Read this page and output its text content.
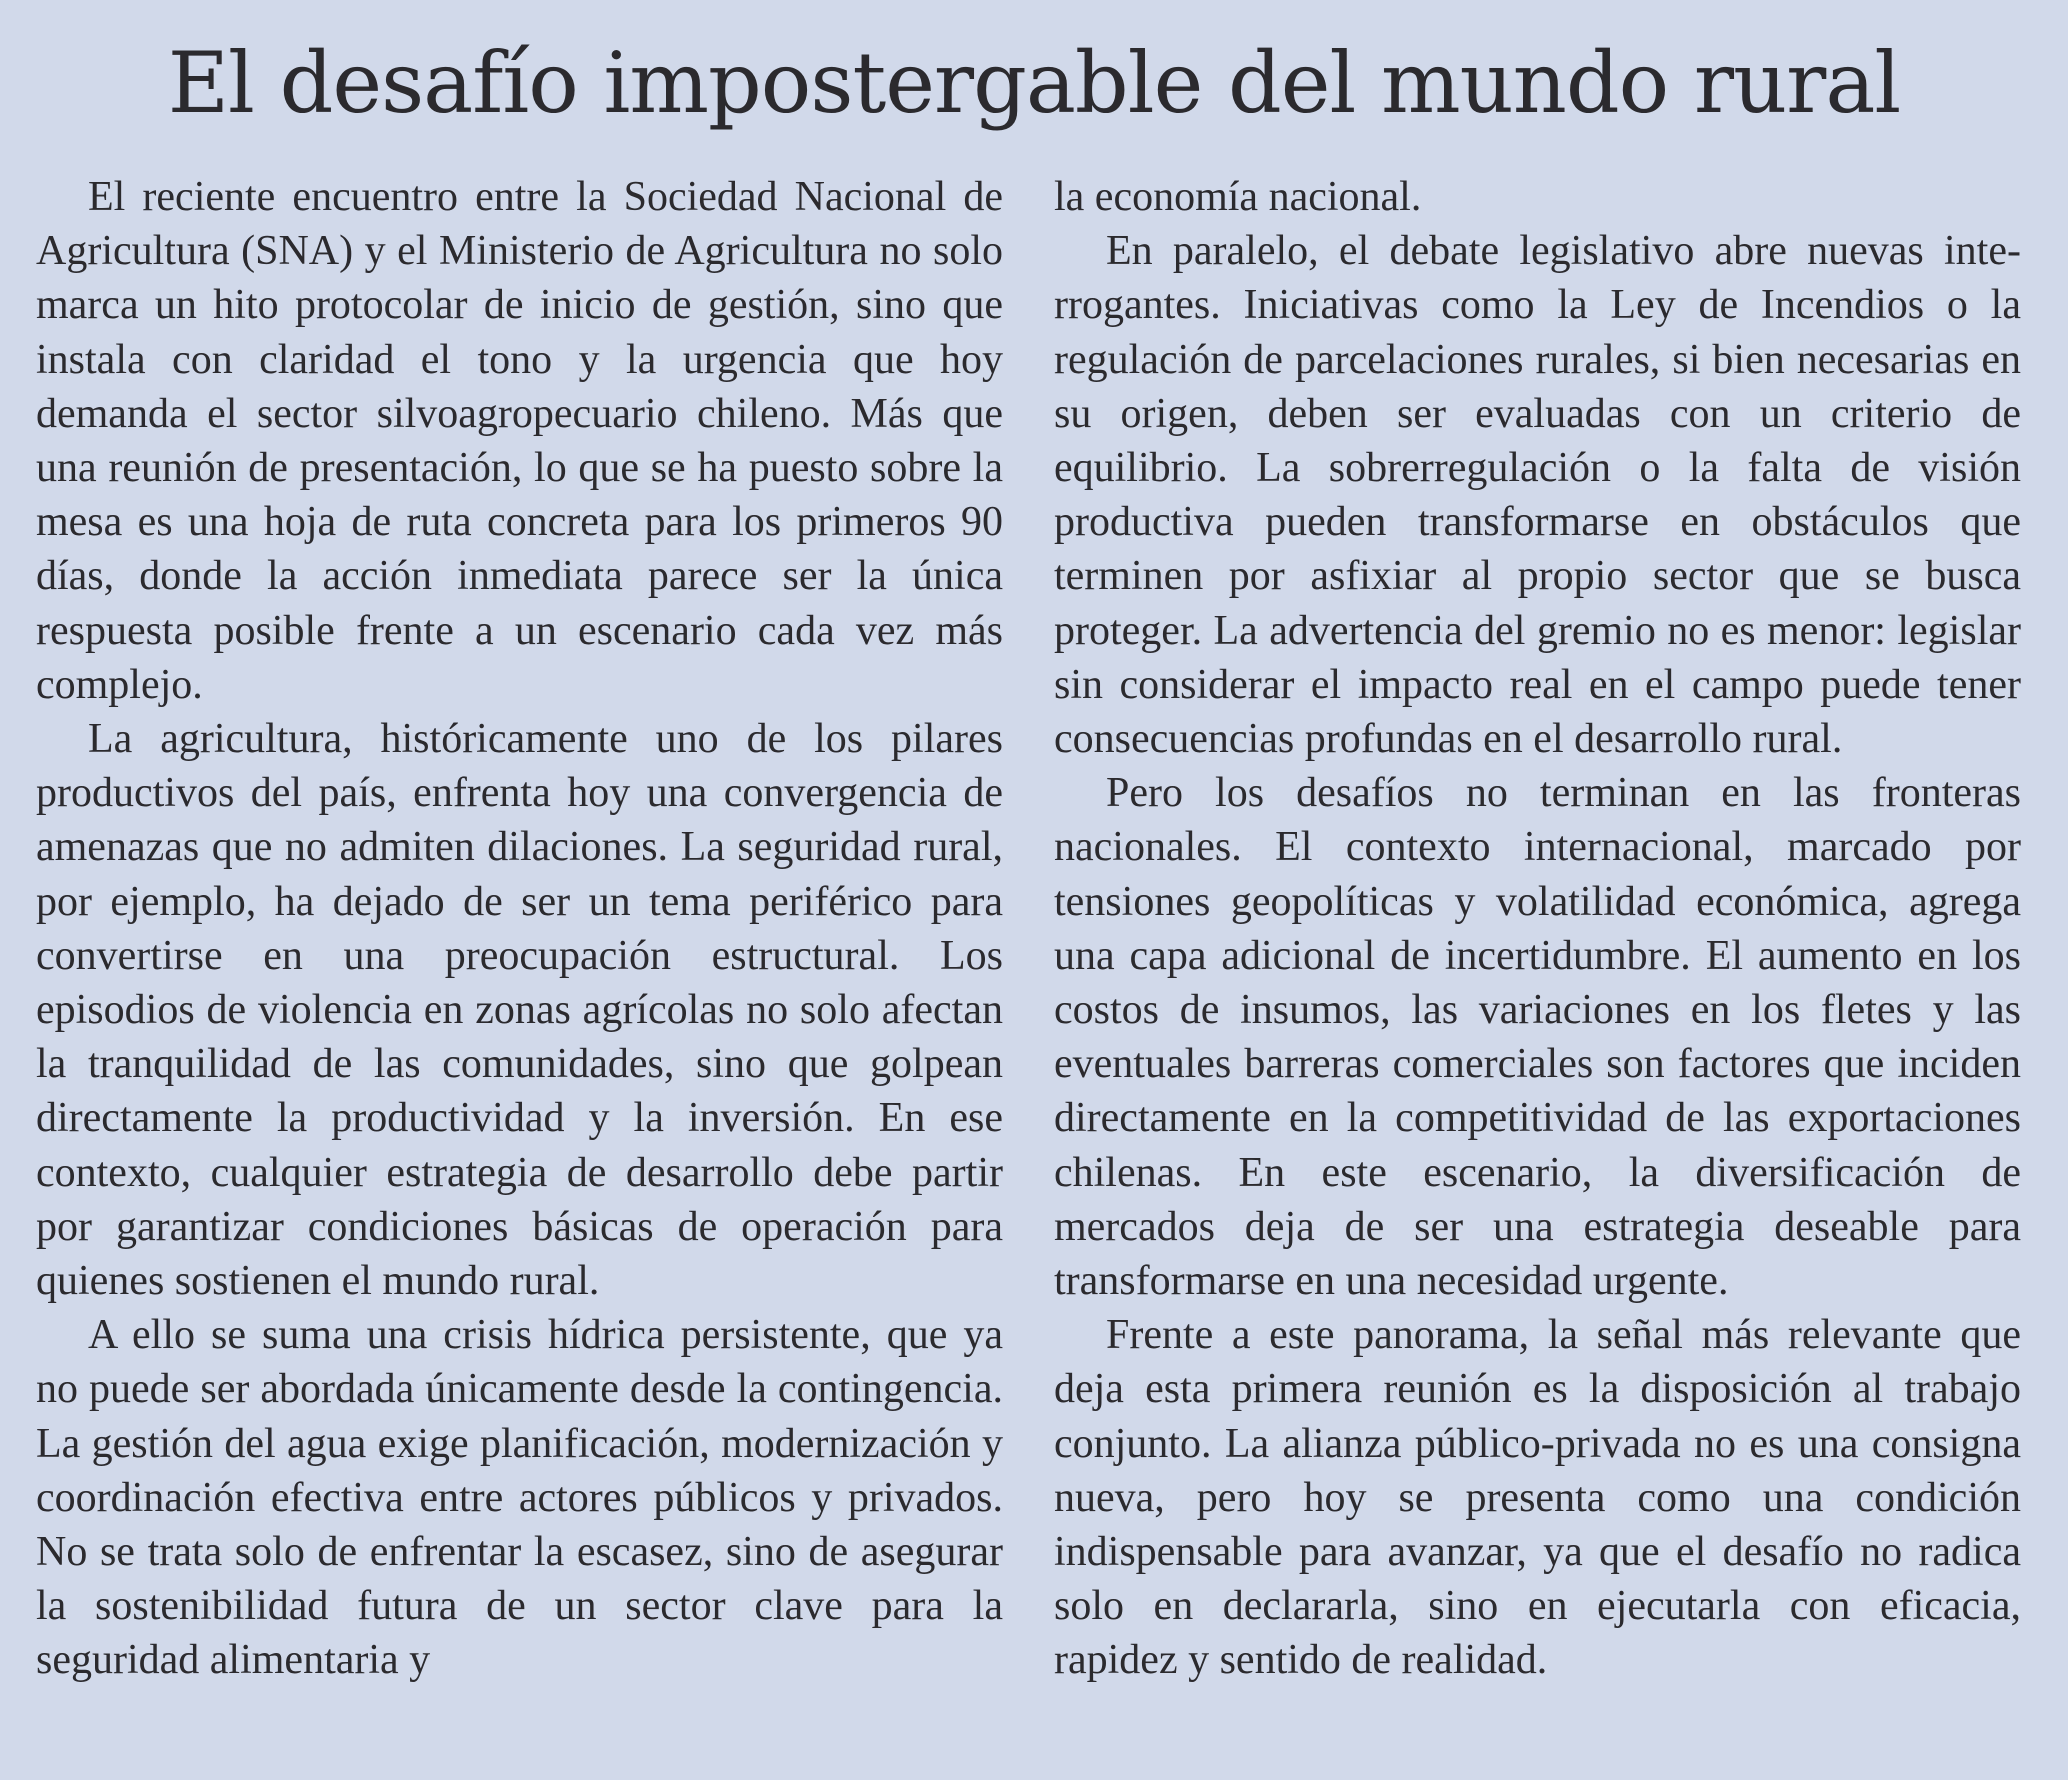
El desafío impostergable del mundo rural

El reciente encuentro entre la Sociedad Nacional de Agricultura (SNA) y el Ministerio de Agricultura no solo marca un hito protocolar de inicio de gestión, sino que instala con claridad el tono y la urgencia que hoy demanda el sector silvoagropecuario chileno. Más que una reunión de presentación, lo que se ha puesto sobre la mesa es una hoja de ruta concreta para los primeros 90 días, donde la acción inmediata parece ser la única respuesta posible frente a un escenario cada vez más complejo.

La agricultura, históricamente uno de los pilares productivos del país, enfrenta hoy una convergencia de amenazas que no admiten dilaciones. La seguridad rural, por ejemplo, ha dejado de ser un tema periférico para convertirse en una preocupación estructural. Los episodios de violencia en zonas agrícolas no solo afectan la tranquilidad de las comunidades, sino que golpean directamente la productividad y la inversión. En ese contexto, cualquier estrategia de desarrollo debe partir por garantizar condiciones básicas de operación para quienes sostienen el mundo rural.

A ello se suma una crisis hídrica persistente, que ya no puede ser abordada únicamente desde la contingencia. La gestión del agua exige planificación, modernización y coordinación efectiva entre actores públicos y privados. No se trata solo de enfrentar la escasez, sino de asegurar la sostenibilidad futura de un sector clave para la seguridad alimentaria y

la economía nacional.

En paralelo, el debate legislativo abre nuevas interrogantes. Iniciativas como la Ley de Incendios o la regulación de parcelaciones rurales, si bien necesarias en su origen, deben ser evaluadas con un criterio de equilibrio. La sobrerregulación o la falta de visión productiva pueden transformarse en obstáculos que terminen por asfixiar al propio sector que se busca proteger. La advertencia del gremio no es menor: legislar sin considerar el impacto real en el campo puede tener consecuencias profundas en el desarrollo rural.

Pero los desafíos no terminan en las fronteras nacionales. El contexto internacional, marcado por tensiones geopolíticas y volatilidad económica, agrega una capa adicional de incertidumbre. El aumento en los costos de insumos, las variaciones en los fletes y las eventuales barreras comerciales son factores que inciden directamente en la competitividad de las exportaciones chilenas. En este escenario, la diversificación de mercados deja de ser una estrategia deseable para transformarse en una necesidad urgente.

Frente a este panorama, la señal más relevante que deja esta primera reunión es la disposición al trabajo conjunto. La alianza público-privada no es una consigna nueva, pero hoy se presenta como una condición indispensable para avanzar, ya que el desafío no radica solo en declararla, sino en ejecutarla con eficacia, rapidez y sentido de realidad.
